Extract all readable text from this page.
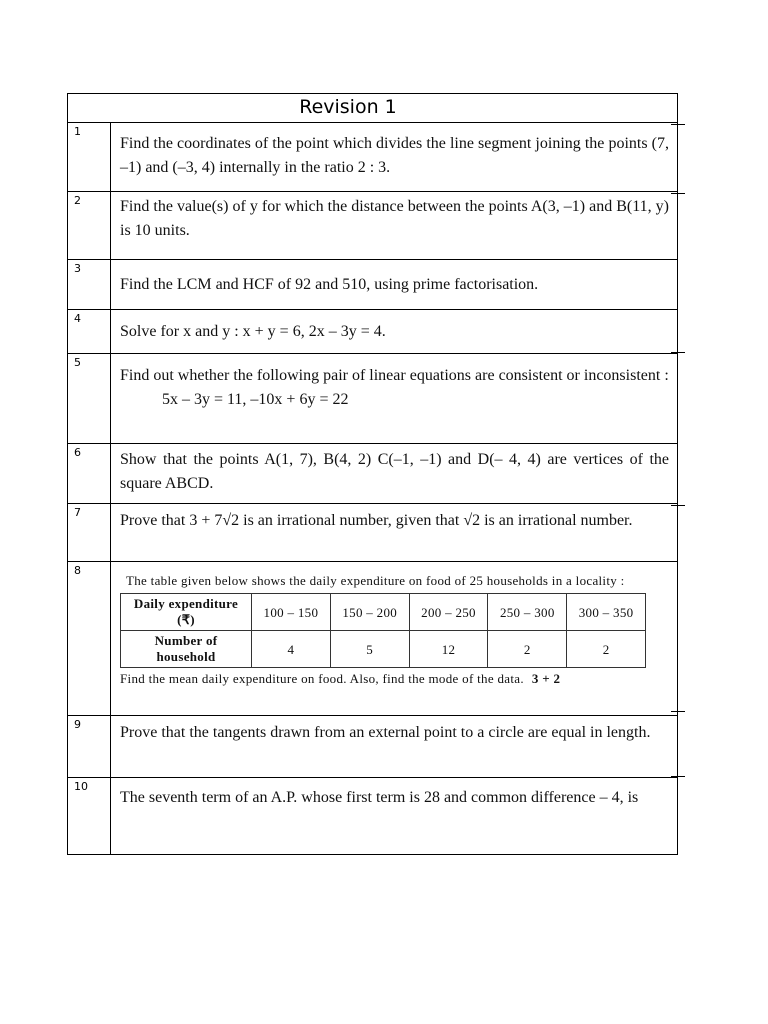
Revision 1
1
Find the coordinates of the point which divides the line segment joining the points (7, –1) and (–3, 4) internally in the ratio 2 : 3.
2 Find the value(s) of y for which the distance between the points A(3, –1) and B(11, y) is 10 units.
3
Find the LCM and HCF of 92 and 510, using prime factorisation.
4
Solve for x and y : x + y = 6, 2x – 3y = 4.
5
Find out whether the following pair of linear equations are consistent or inconsistent :
5x – 3y = 11, –10x + 6y = 22
6 Show that the points A(1, 7), B(4, 2) C(–1, –1) and D(– 4, 4) are vertices of the square ABCD.
7 Prove that 3 + 7√2 is an irrational number, given that √2 is an irrational number.
8
The table given below shows the daily expenditure on food of 25 households in a locality :
Daily expenditure (₹)	100 – 150	150 – 200	200 – 250	250 – 300	300 – 350
Number of household	4	5	12	2	2
Find the mean daily expenditure on food. Also, find the mode of the data. 3 + 2
9 Prove that the tangents drawn from an external point to a circle are equal in length.
10
The seventh term of an A.P. whose first term is 28 and common difference – 4, is
